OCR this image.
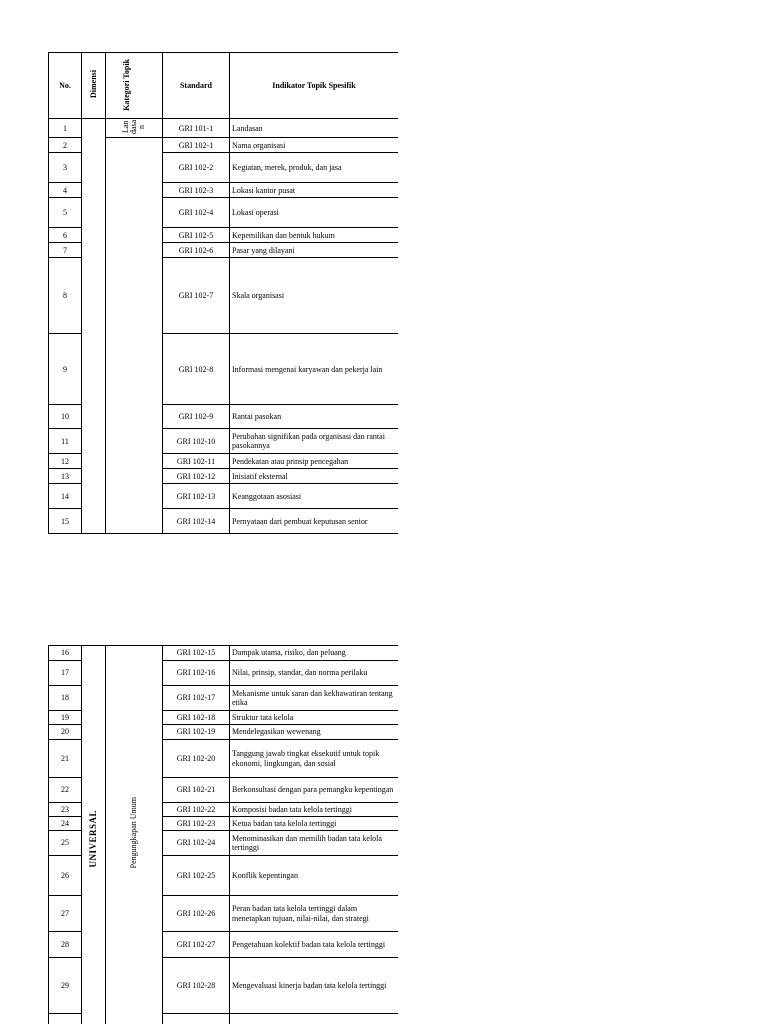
No.	Dimensi	Kategori Topik	Standard	Indikator Topik Spesifik
1		Lan dasa n	GRI 101-1	Landasan
2			GRI 102-1	Nama organisasi
3			GRI 102-2	Kegiatan, merek, produk, dan jasa
4			GRI 102-3	Lokasi kantor pusat
5			GRI 102-4	Lokasi operasi
6			GRI 102-5	Kepemilikan dan bentuk hukum
7			GRI 102-6	Pasar yang dilayani
8			GRI 102-7	Skala organisasi
9			GRI 102-8	Informasi mengenai karyawan dan pekerja lain
10			GRI 102-9	Rantai pasokan
11			GRI 102-10	Perubahan signifikan pada organisasi dan rantai pasokannya
12			GRI 102-11	Pendekatan atau prinsip pencegahan
13			GRI 102-12	Inisiatif eksternal
14			GRI 102-13	Keanggotaan asosiasi
15			GRI 102-14	Pernyataan dari pembuat keputusan senior
16	UNIVERSAL	Pengungkapan Umum	GRI 102-15	Dampak utama, risiko, dan peluang
17			GRI 102-16	Nilai, prinsip, standar, dan norma perilaku
18			GRI 102-17	Mekanisme untuk saran dan kekhawatiran tentang etika
19			GRI 102-18	Struktur tata kelola
20			GRI 102-19	Mendelegasikan wewenang
21			GRI 102-20	Tanggung jawab tingkat eksekutif untuk topik ekonomi, lingkungan, dan sosial
22			GRI 102-21	Berkonsultasi dengan para pemangku kepentingan
23			GRI 102-22	Komposisi badan tata kelola tertinggi
24			GRI 102-23	Ketua badan tata kelola tertinggi
25			GRI 102-24	Menominasikan dan memilih badan tata kelola tertinggi
26			GRI 102-25	Konflik kepentingan
27			GRI 102-26	Peran badan tata kelola tertinggi dalam menetapkan tujuan, nilai-nilai, dan strategi
28			GRI 102-27	Pengetahuan kolektif badan tata kelola tertinggi
29			GRI 102-28	Mengevaluasi kinerja badan tata kelola tertinggi
